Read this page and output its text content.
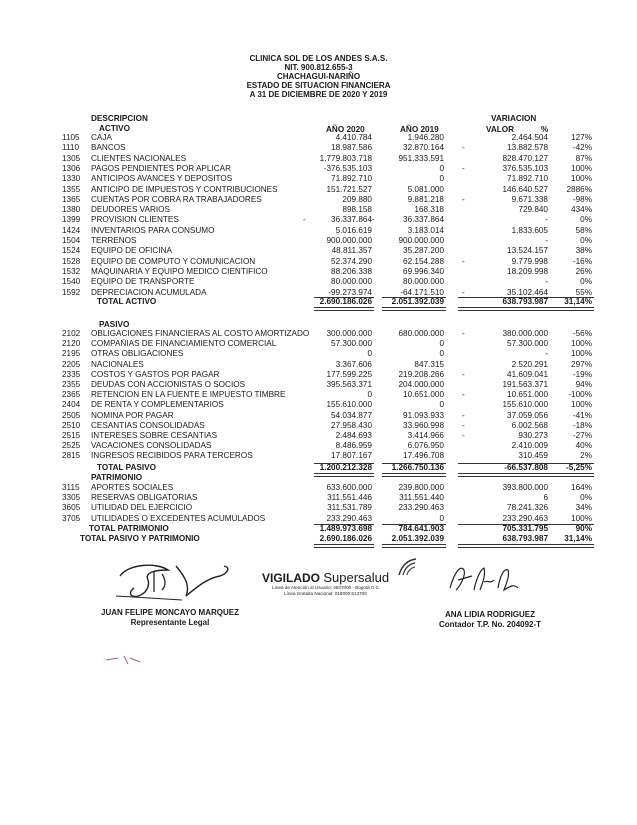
CLINICA SOL DE LOS ANDES S.A.S.
NIT. 900.812.655-3
CHACHAGUI-NARIÑO
ESTADO DE SITUACION FINANCIERA
A 31 DE DICIEMBRE DE 2020 Y 2019
DESCRIPCION
ACTIVO
VARIACION
AÑO 2020	AÑO 2019	VALOR	%
1105 CAJA	4.410.784	1.946.280	2.464.504	127%
1110 BANCOS	18.987.586	32.870.164 -	13.882.578	-42%
1305 CLIENTES NACIONALES	1.779.803.718	951.333.591	828.470.127	87%
1306 PAGOS PENDIENTES POR APLICAR	-376.535.103	0 -	376.535.103	100%
1330 ANTICIPOS AVANCES Y DEPOSITOS	71.892.710	0	71.892.710	100%
1355 ANTICIPO DE IMPUESTOS Y CONTRIBUCIONES	151.721.527	5.081.000	146.640.527	2886%
1365 CUENTAS POR COBRA RA TRABAJADORES	209.880	9.881.218 -	9.671.338	-98%
1380 DEUDORES VARIOS	898.158	168.318	729.840	434%
1399 PROVISION CLIENTES	-	36.337.864 -	36.337.864	-	0%
1424 INVENTARIOS PARA CONSUMO	5.016.619	3.183.014	1.833.605	58%
1504 TERRENOS	900.000.000	900.000.000	-	0%
1524 EQUIPO DE OFICINA	48.811.357	35.287.200	13.524.157	38%
1528 EQUIPO DE COMPUTO Y COMUNICACION	52.374.290	62.154.288 -	9.779.998	-16%
1532 MAQUINARIA Y EQUIPO MEDICO CIENTIFICO	88.206.338	69.996.340	18.209.998	26%
1540 EQUIPO DE TRANSPORTE	80.000.000	80.000.000	-	0%
1592 DEPRECIACION ACUMULADA	-99.273.974	-64.171.510 -	35.102.464	55%
TOTAL ACTIVO	2.690.186.026	2.051.392.039	638.793.987	31,14%
PASIVO
2102 OBLIGACIONES FINANCIERAS AL COSTO AMORTIZADO	300.000.000	680.000.000 -	380.000.000	-56%
2120 COMPAÑIAS DE FINANCIAMIENTO COMERCIAL	57.300.000	0	57.300.000	100%
2195 OTRAS OBLIGACIONES	0	0	-	100%
2205 NACIONALES	3.367.606	847.315	2.520.291	297%
2335 COSTOS Y GASTOS POR PAGAR	177.599.225	219.208.266 -	41.609.041	-19%
2355 DEUDAS CON ACCIONISTAS O SOCIOS	395.563.371	204.000.000	191.563.371	94%
2365 RETENCION EN LA FUENTE E IMPUESTO TIMBRE	0	10.651.000 -	10.651.000	-100%
2404 DE RENTA Y COMPLEMENTARIOS	155.610.000	0	155.610.000	100%
2505 NOMINA POR PAGAR	54.034.877	91.093.933 -	37.059.056	-41%
2510 CESANTIAS CONSOLIDADAS	27.958.430	33.960.998 -	6.002.568	-18%
2515 INTERESES SOBRE CESANTIAS	2.484.693	3.414.966 -	930.273	-27%
2525 VACACIONES CONSOLIDADAS	8.486.959	6.076.950	2.410.009	40%
2815 INGRESOS RECIBIDOS PARA TERCEROS	17.807.167	17.496.708	310.459	2%
TOTAL PASIVO	1.200.212.328	1.266.750.136	-66.537.808	-5,25%
PATRIMONIO
3115 APORTES SOCIALES	633.600.000	239.800.000	393.800.000	164%
3305 RESERVAS OBLIGATORIAS	311.551.446	311.551.440	6	0%
3605 UTILIDAD DEL EJERCICIO	311.531.789	233.290.463	78.241.326	34%
3705 UTILIDADES O EXCEDENTES ACUMULADOS	233.290.463	0	233.290.463	100%
TOTAL PATRIMONIO	1.489.973.698	784.641.903	705.331.795	90%
TOTAL PASIVO Y PATRIMONIO	2.690.186.026	2.051.392.039	638.793.987	31,14%
JUAN FELIPE MONCAYO MARQUEZ
Representante Legal
VIGILADO Supersalud
Línea de Atención al Usuario: 4837000 - Bogotá D.C.
Línea Gratuita Nacional: 018000 513700
ANA LIDIA RODRIGUEZ
Contador T.P. No. 204092-T
